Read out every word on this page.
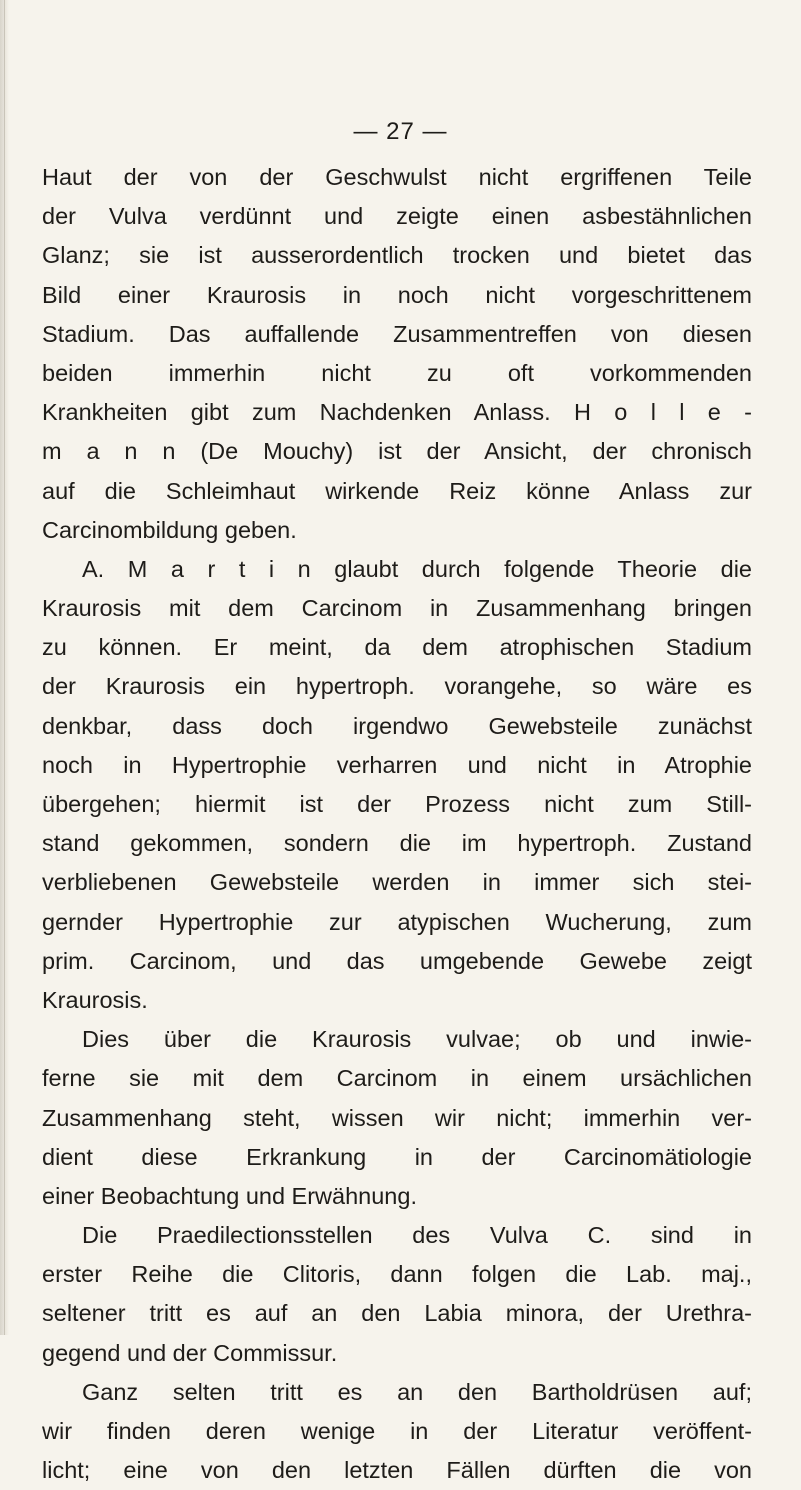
— 27 —
Haut der von der Geschwulst nicht ergriffenen Teile
der Vulva verdünnt und zeigte einen asbestähnlichen
Glanz; sie ist ausserordentlich trocken und bietet das
Bild einer Kraurosis in noch nicht vorgeschrittenem
Stadium. Das auffallende Zusammentreffen von diesen
beiden immerhin nicht zu oft vorkommenden
Krankheiten gibt zum Nachdenken Anlass. H o l l e -
m a n n (De Mouchy) ist der Ansicht, der chronisch
auf die Schleimhaut wirkende Reiz könne Anlass zur
Carcinombildung geben.
A. M a r t i n glaubt durch folgende Theorie die
Kraurosis mit dem Carcinom in Zusammenhang bringen
zu können. Er meint, da dem atrophischen Stadium
der Kraurosis ein hypertroph. vorangehe, so wäre es
denkbar, dass doch irgendwo Gewebsteile zunächst
noch in Hypertrophie verharren und nicht in Atrophie
übergehen; hiermit ist der Prozess nicht zum Still-
stand gekommen, sondern die im hypertroph. Zustand
verbliebenen Gewebsteile werden in immer sich stei-
gernder Hypertrophie zur atypischen Wucherung, zum
prim. Carcinom, und das umgebende Gewebe zeigt
Kraurosis.
Dies über die Kraurosis vulvae; ob und inwie-
ferne sie mit dem Carcinom in einem ursächlichen
Zusammenhang steht, wissen wir nicht; immerhin ver-
dient diese Erkrankung in der Carcinomätiologie
einer Beobachtung und Erwähnung.
Die Praedilectionsstellen des Vulva C. sind in
erster Reihe die Clitoris, dann folgen die Lab. maj.,
seltener tritt es auf an den Labia minora, der Urethra-
gegend und der Commissur.
Ganz selten tritt es an den Bartholdrüsen auf;
wir finden deren wenige in der Literatur veröffent-
licht; eine von den letzten Fällen dürften die von
